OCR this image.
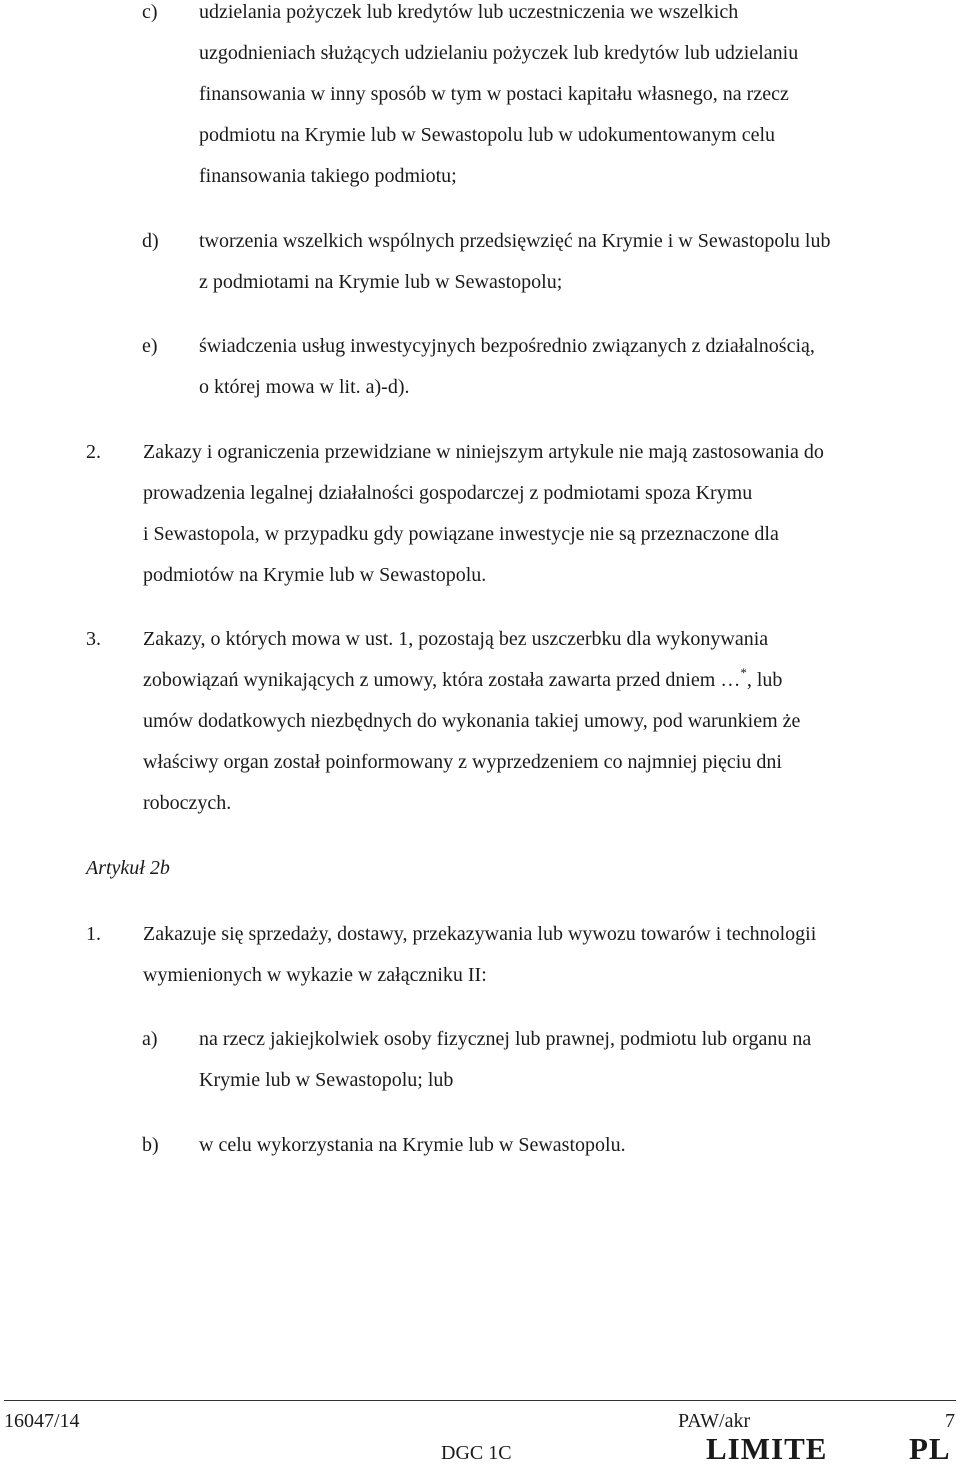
c) udzielania pożyczek lub kredytów lub uczestniczenia we wszelkich
uzgodnieniach służących udzielaniu pożyczek lub kredytów lub udzielaniu
finansowania w inny sposób w tym w postaci kapitału własnego, na rzecz
podmiotu na Krymie lub w Sewastopolu lub w udokumentowanym celu
finansowania takiego podmiotu;
d) tworzenia wszelkich wspólnych przedsięwzięć na Krymie i w Sewastopolu lub
z podmiotami na Krymie lub w Sewastopolu;
e) świadczenia usług inwestycyjnych bezpośrednio związanych z działalnością,
o której mowa w lit. a)-d).
2. Zakazy i ograniczenia przewidziane w niniejszym artykule nie mają zastosowania do
prowadzenia legalnej działalności gospodarczej z podmiotami spoza Krymu
i Sewastopola, w przypadku gdy powiązane inwestycje nie są przeznaczone dla
podmiotów na Krymie lub w Sewastopolu.
3. Zakazy, o których mowa w ust. 1, pozostają bez uszczerbku dla wykonywania
zobowiązań wynikających z umowy, która została zawarta przed dniem …*, lub
umów dodatkowych niezbędnych do wykonania takiej umowy, pod warunkiem że
właściwy organ został poinformowany z wyprzedzeniem co najmniej pięciu dni
roboczych.
Artykuł 2b
1. Zakazuje się sprzedaży, dostawy, przekazywania lub wywozu towarów i technologii
wymienionych w wykazie w załączniku II:
a) na rzecz jakiejkolwiek osoby fizycznej lub prawnej, podmiotu lub organu na
Krymie lub w Sewastopolu; lub
b) w celu wykorzystania na Krymie lub w Sewastopolu.
16047/14	PAW/akr	7
DGC 1C	LIMITE	PL
